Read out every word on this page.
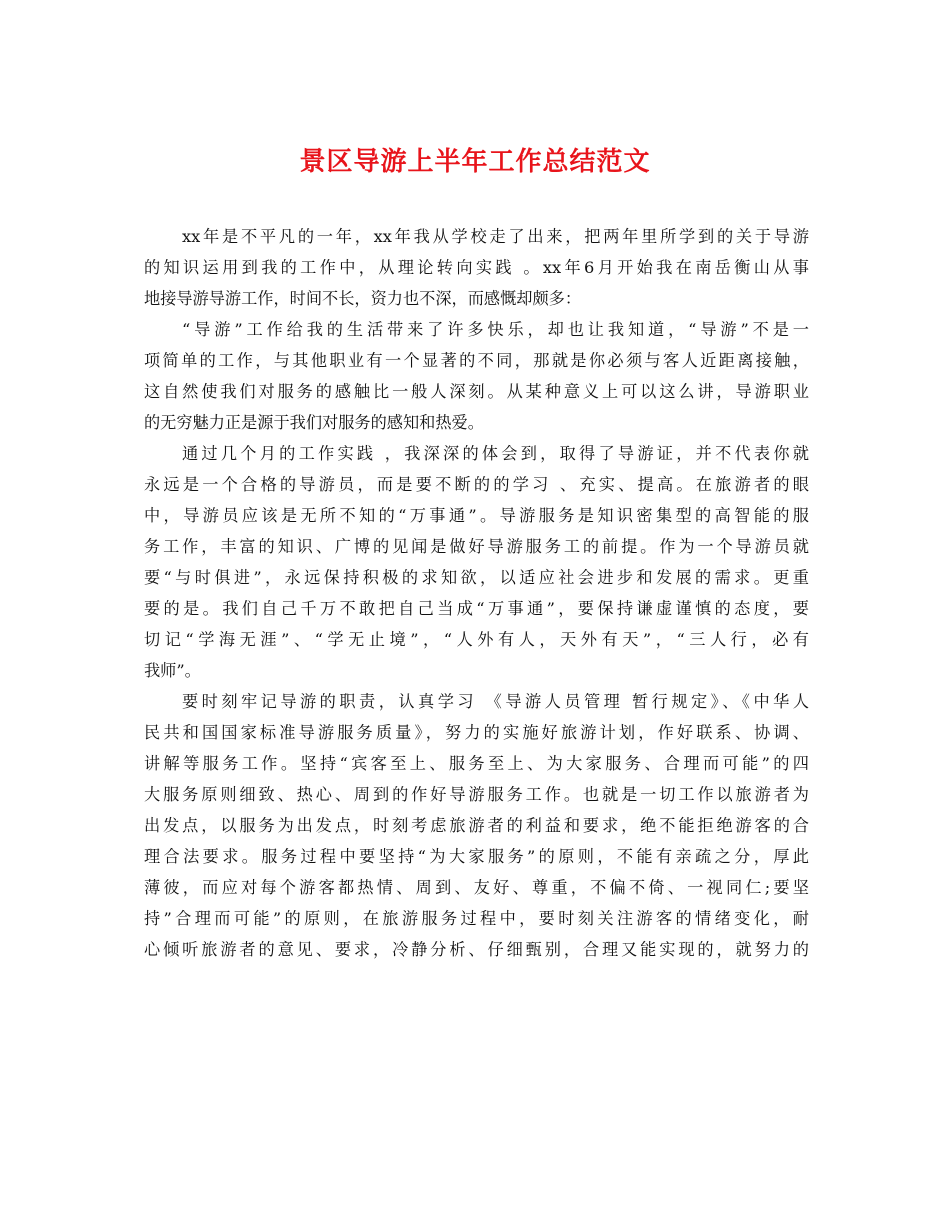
景区导游上半年工作总结范文
xx年是不平凡的一年，xx年我从学校走了出来，把两年里所学到的关于导游
的知识运用到我的工作中，从理论转向实践 。xx年6月开始我在南岳衡山从事
地接导游导游工作，时间不长，资力也不深，而感慨却颇多：
“导游”工作给我的生活带来了许多快乐，却也让我知道，“导游”不是一
项简单的工作，与其他职业有一个显著的不同，那就是你必须与客人近距离接触，
这自然使我们对服务的感触比一般人深刻。从某种意义上可以这么讲，导游职业
的无穷魅力正是源于我们对服务的感知和热爱。
通过几个月的工作实践 ，我深深的体会到，取得了导游证，并不代表你就
永远是一个合格的导游员，而是要不断的的学习 、充实、提高。在旅游者的眼
中，导游员应该是无所不知的“万事通”。导游服务是知识密集型的高智能的服
务工作，丰富的知识、广博的见闻是做好导游服务工的前提。作为一个导游员就
要“与时俱进”，永远保持积极的求知欲，以适应社会进步和发展的需求。更重
要的是。我们自己千万不敢把自己当成“万事通”，要保持谦虚谨慎的态度，要
切记“学海无涯”、“学无止境”，“人外有人，天外有天”，“三人行，必有
我师”。
要时刻牢记导游的职责，认真学习 《导游人员管理 暂行规定》、《中华人
民共和国国家标准导游服务质量》，努力的实施好旅游计划，作好联系、协调、
讲解等服务工作。坚持“宾客至上、服务至上、为大家服务、合理而可能”的四
大服务原则细致、热心、周到的作好导游服务工作。也就是一切工作以旅游者为
出发点，以服务为出发点，时刻考虑旅游者的利益和要求，绝不能拒绝游客的合
理合法要求。服务过程中要坚持“为大家服务”的原则，不能有亲疏之分，厚此
薄彼，而应对每个游客都热情、周到、友好、尊重，不偏不倚、一视同仁;要坚
持”合理而可能”的原则，在旅游服务过程中，要时刻关注游客的情绪变化，耐
心倾听旅游者的意见、要求，冷静分析、仔细甄别，合理又能实现的，就努力的
